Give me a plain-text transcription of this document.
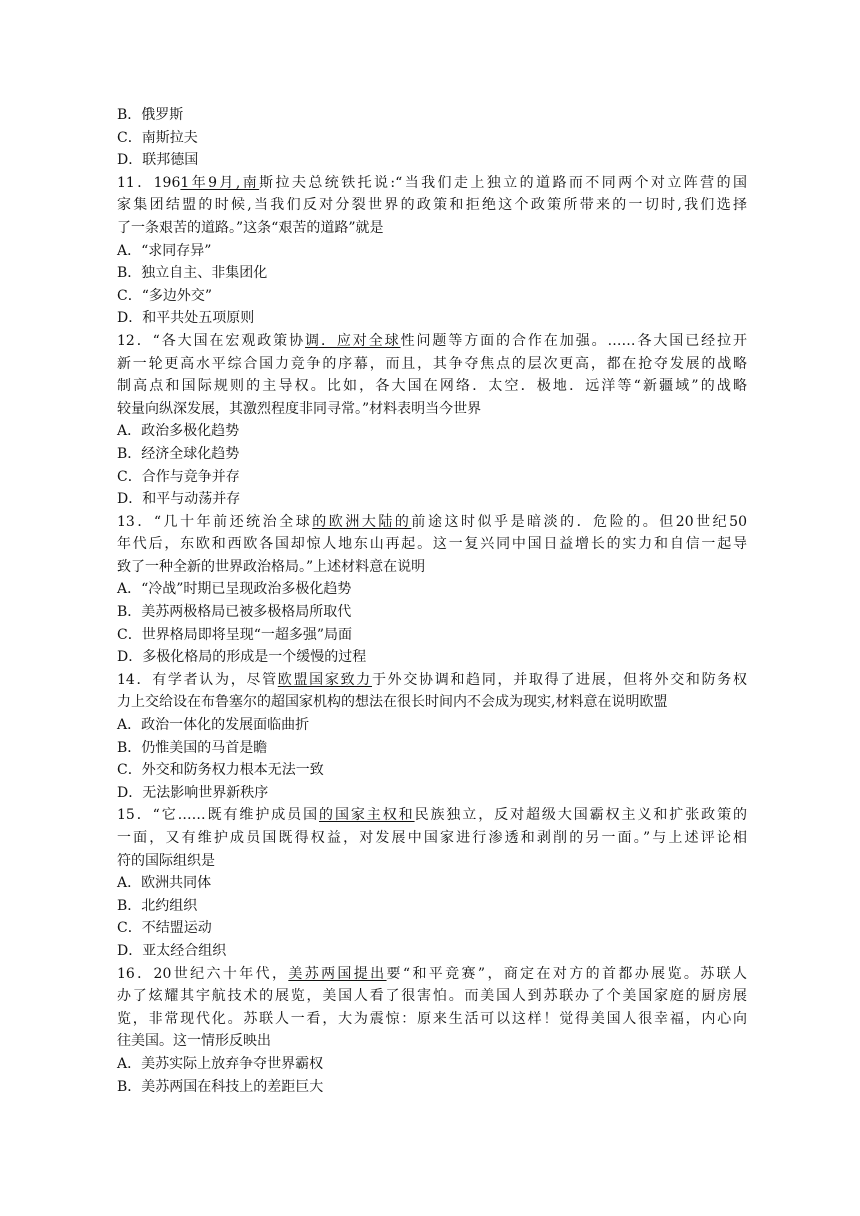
B．俄罗斯
C．南斯拉夫
D．联邦德国
11．1961年9月,南斯拉夫总统铁托说:“当我们走上独立的道路而不同两个对立阵营的国
家集团结盟的时候,当我们反对分裂世界的政策和拒绝这个政策所带来的一切时,我们选择
了一条艰苦的道路。”这条“艰苦的道路”就是
A．“求同存异”
B．独立自主、非集团化
C．“多边外交”
D．和平共处五项原则
12．“各大国在宏观政策协调．应对全球性问题等方面的合作在加强。……各大国已经拉开
新一轮更高水平综合国力竞争的序幕，而且，其争夺焦点的层次更高，都在抢夺发展的战略
制高点和国际规则的主导权。比如，各大国在网络．太空．极地．远洋等“新疆域”的战略
较量向纵深发展，其激烈程度非同寻常。”材料表明当今世界
A．政治多极化趋势
B．经济全球化趋势
C．合作与竞争并存
D．和平与动荡并存
13．“几十年前还统治全球的欧洲大陆的前途这时似乎是暗淡的．危险的。但20世纪50
年代后，东欧和西欧各国却惊人地东山再起。这一复兴同中国日益增长的实力和自信一起导
致了一种全新的世界政治格局。”上述材料意在说明
A．“冷战”时期已呈现政治多极化趋势
B．美苏两极格局已被多极格局所取代
C．世界格局即将呈现“一超多强”局面
D．多极化格局的形成是一个缓慢的过程
14．有学者认为，尽管欧盟国家致力于外交协调和趋同，并取得了进展，但将外交和防务权
力上交给设在布鲁塞尔的超国家机构的想法在很长时间内不会成为现实,材料意在说明欧盟
A．政治一体化的发展面临曲折
B．仍惟美国的马首是瞻
C．外交和防务权力根本无法一致
D．无法影响世界新秩序
15．“它……既有维护成员国的国家主权和民族独立，反对超级大国霸权主义和扩张政策的
一面，又有维护成员国既得权益，对发展中国家进行渗透和剥削的另一面。”与上述评论相
符的国际组织是
A．欧洲共同体
B．北约组织
C．不结盟运动
D．亚太经合组织
16．20世纪六十年代，美苏两国提出要“和平竞赛”，商定在对方的首都办展览。苏联人
办了炫耀其宇航技术的展览，美国人看了很害怕。而美国人到苏联办了个美国家庭的厨房展
览，非常现代化。苏联人一看，大为震惊：原来生活可以这样！觉得美国人很幸福，内心向
往美国。这一情形反映出
A．美苏实际上放弃争夺世界霸权
B．美苏两国在科技上的差距巨大
